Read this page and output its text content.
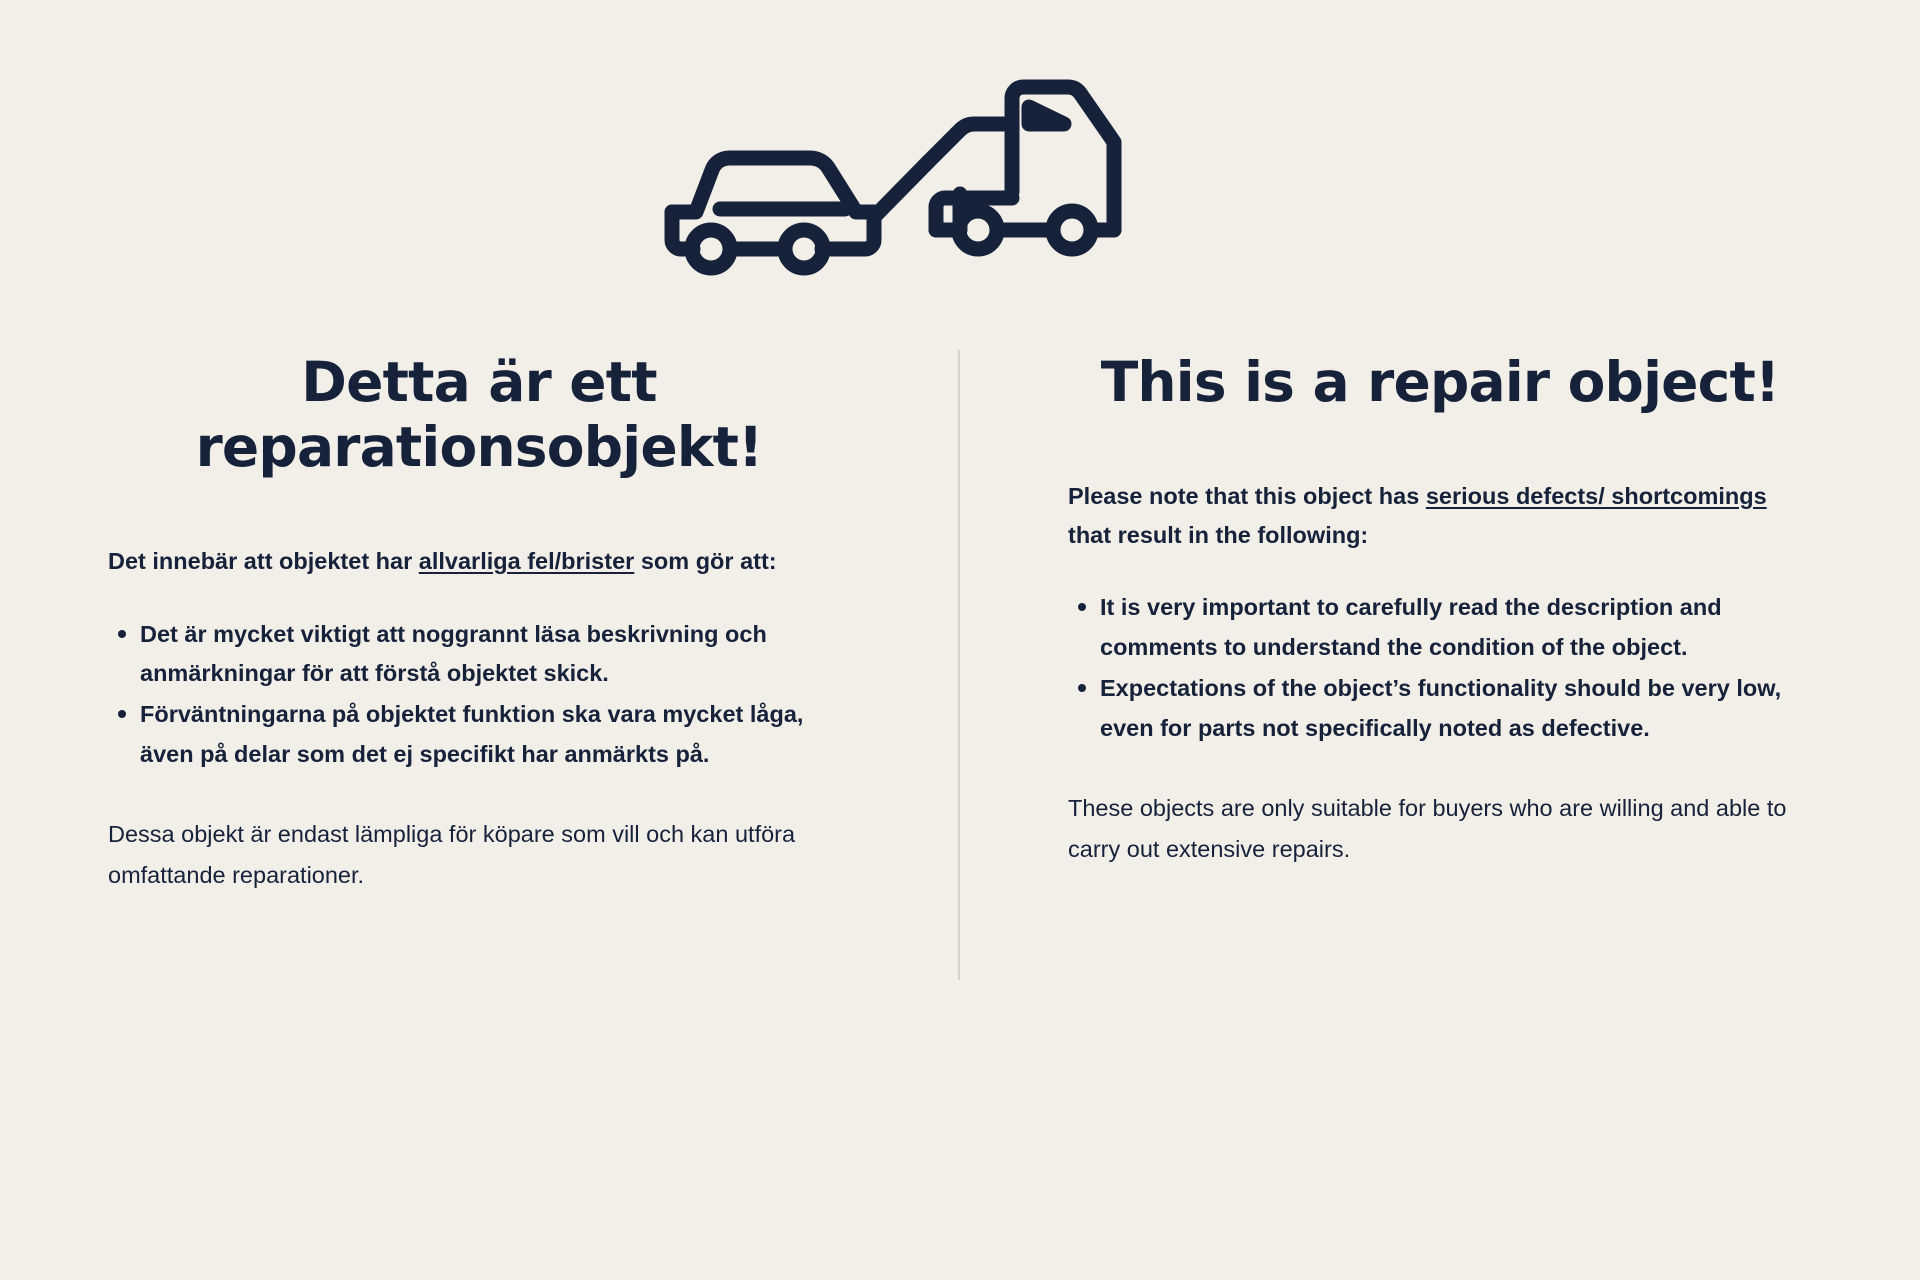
Detta är ett reparationsobjekt!

Det innebär att objektet har allvarliga fel/brister som gör att:

Det är mycket viktigt att noggrannt läsa beskrivning och anmärkningar för att förstå objektet skick.
Förväntningarna på objektet funktion ska vara mycket låga, även på delar som det ej specifikt har anmärkts på.

Dessa objekt är endast lämpliga för köpare som vill och kan utföra omfattande reparationer.

This is a repair object!

Please note that this object has serious defects/ shortcomings that result in the following:

It is very important to carefully read the description and comments to understand the condition of the object.
Expectations of the object’s functionality should be very low, even for parts not specifically noted as defective.

These objects are only suitable for buyers who are willing and able to carry out extensive repairs.
